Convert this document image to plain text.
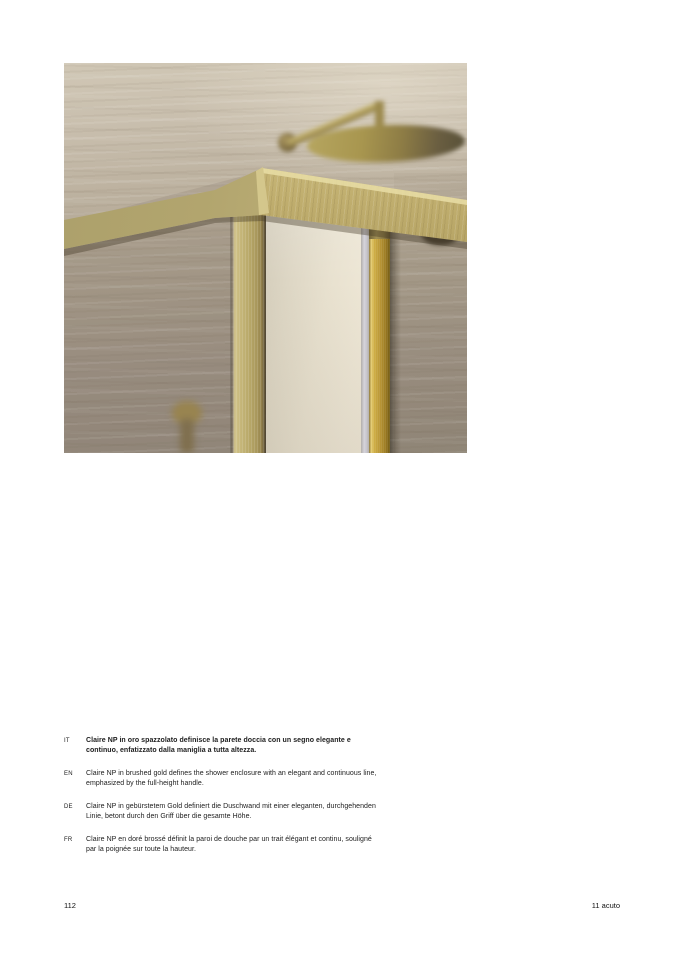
IT	Claire NP in oro spazzolato definisce la parete doccia con un segno elegante e continuo, enfatizzato dalla maniglia a tutta altezza.
EN	Claire NP in brushed gold defines the shower enclosure with an elegant and continuous line, emphasized by the full-height handle.
DE	Claire NP in gebürstetem Gold definiert die Duschwand mit einer eleganten, durchgehenden Linie, betont durch den Griff über die gesamte Höhe.
FR	Claire NP en doré brossé définit la paroi de douche par un trait élégant et continu, souligné par la poignée sur toute la hauteur.
112	11 acuto
